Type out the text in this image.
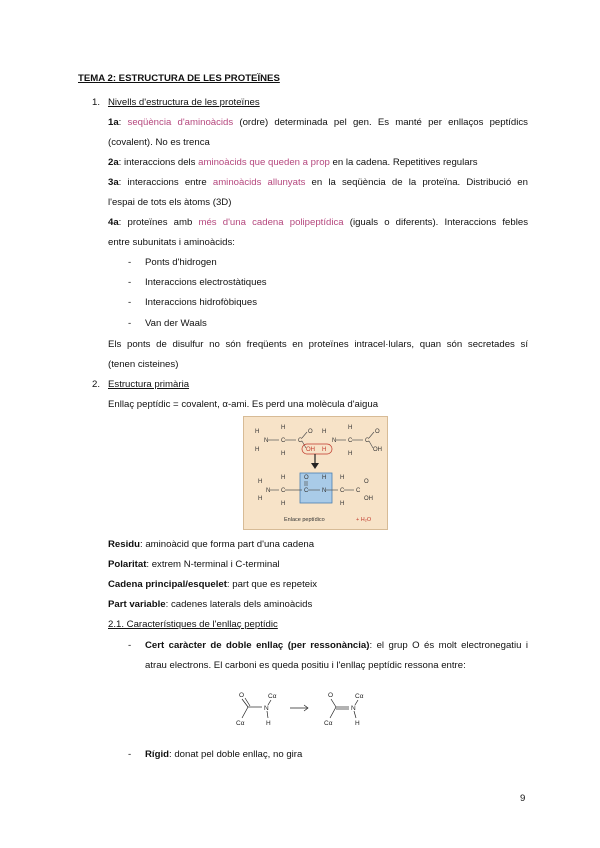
TEMA 2: ESTRUCTURA DE LES PROTEÏNES
1. Nivells d'estructura de les proteïnes
1a: seqüència d'aminoàcids (ordre) determinada pel gen. Es manté per enllaços peptídics
(covalent). No es trenca
2a: interaccions dels aminoàcids que queden a prop en la cadena. Repetitives regulars
3a: interaccions entre aminoàcids allunyats en la seqüència de la proteïna. Distribució en
l'espai de tots els àtoms (3D)
4a: proteïnes amb més d'una cadena polipeptídica (iguals o diferents). Interaccions febles
entre subunitats i aminoàcids:
- Ponts d'hidrogen
- Interaccions electrostàtiques
- Interaccions hidrofòbiques
- Van der Waals
Els ponts de disulfur no són freqüents en proteïnes intracel·lulars, quan són secretades sí
(tenen cisteines)
2. Estructura primària
Enllaç peptídic = covalent, α-ami. Es perd una molècula d'aigua
H
H
N C
H
H
C
O
OH
H
H
N C
H
H
C
O
OH
H
H
N C
H
H
C
O
N
H
C
H
H
C
O
OH
Enlace peptídico	+ H₂O
Residu: aminoàcid que forma part d'una cadena
Polaritat: extrem N-terminal i C-terminal
Cadena principal/esquelet: part que es repeteix
Part variable: cadenes laterals dels aminoàcids
2.1. Característiques de l'enllaç peptídic
- Cert caràcter de doble enllaç (per ressonància): el grup O és molt electronegatiu i
atrau electrons. El carboni es queda positiu i l'enllaç peptídic ressona entre:
O
N
Cα
H
Cα
O
N
Cα
H
Cα
- Rígid: donat pel doble enllaç, no gira
9
